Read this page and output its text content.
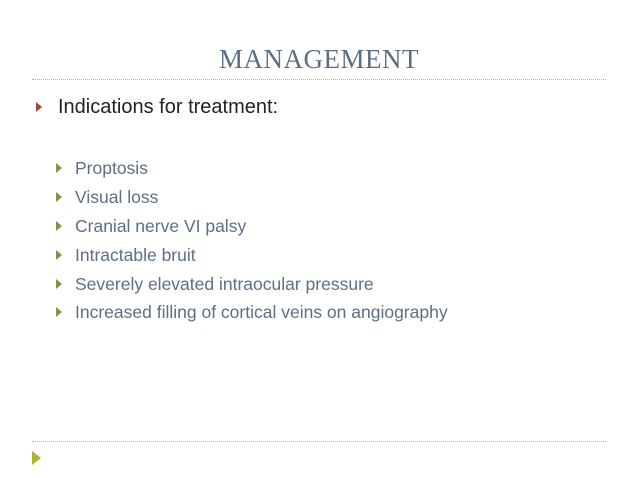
MANAGEMENT
Indications for treatment:
Proptosis
Visual loss
Cranial nerve VI palsy
Intractable bruit
Severely elevated intraocular pressure
Increased filling of cortical veins on angiography
